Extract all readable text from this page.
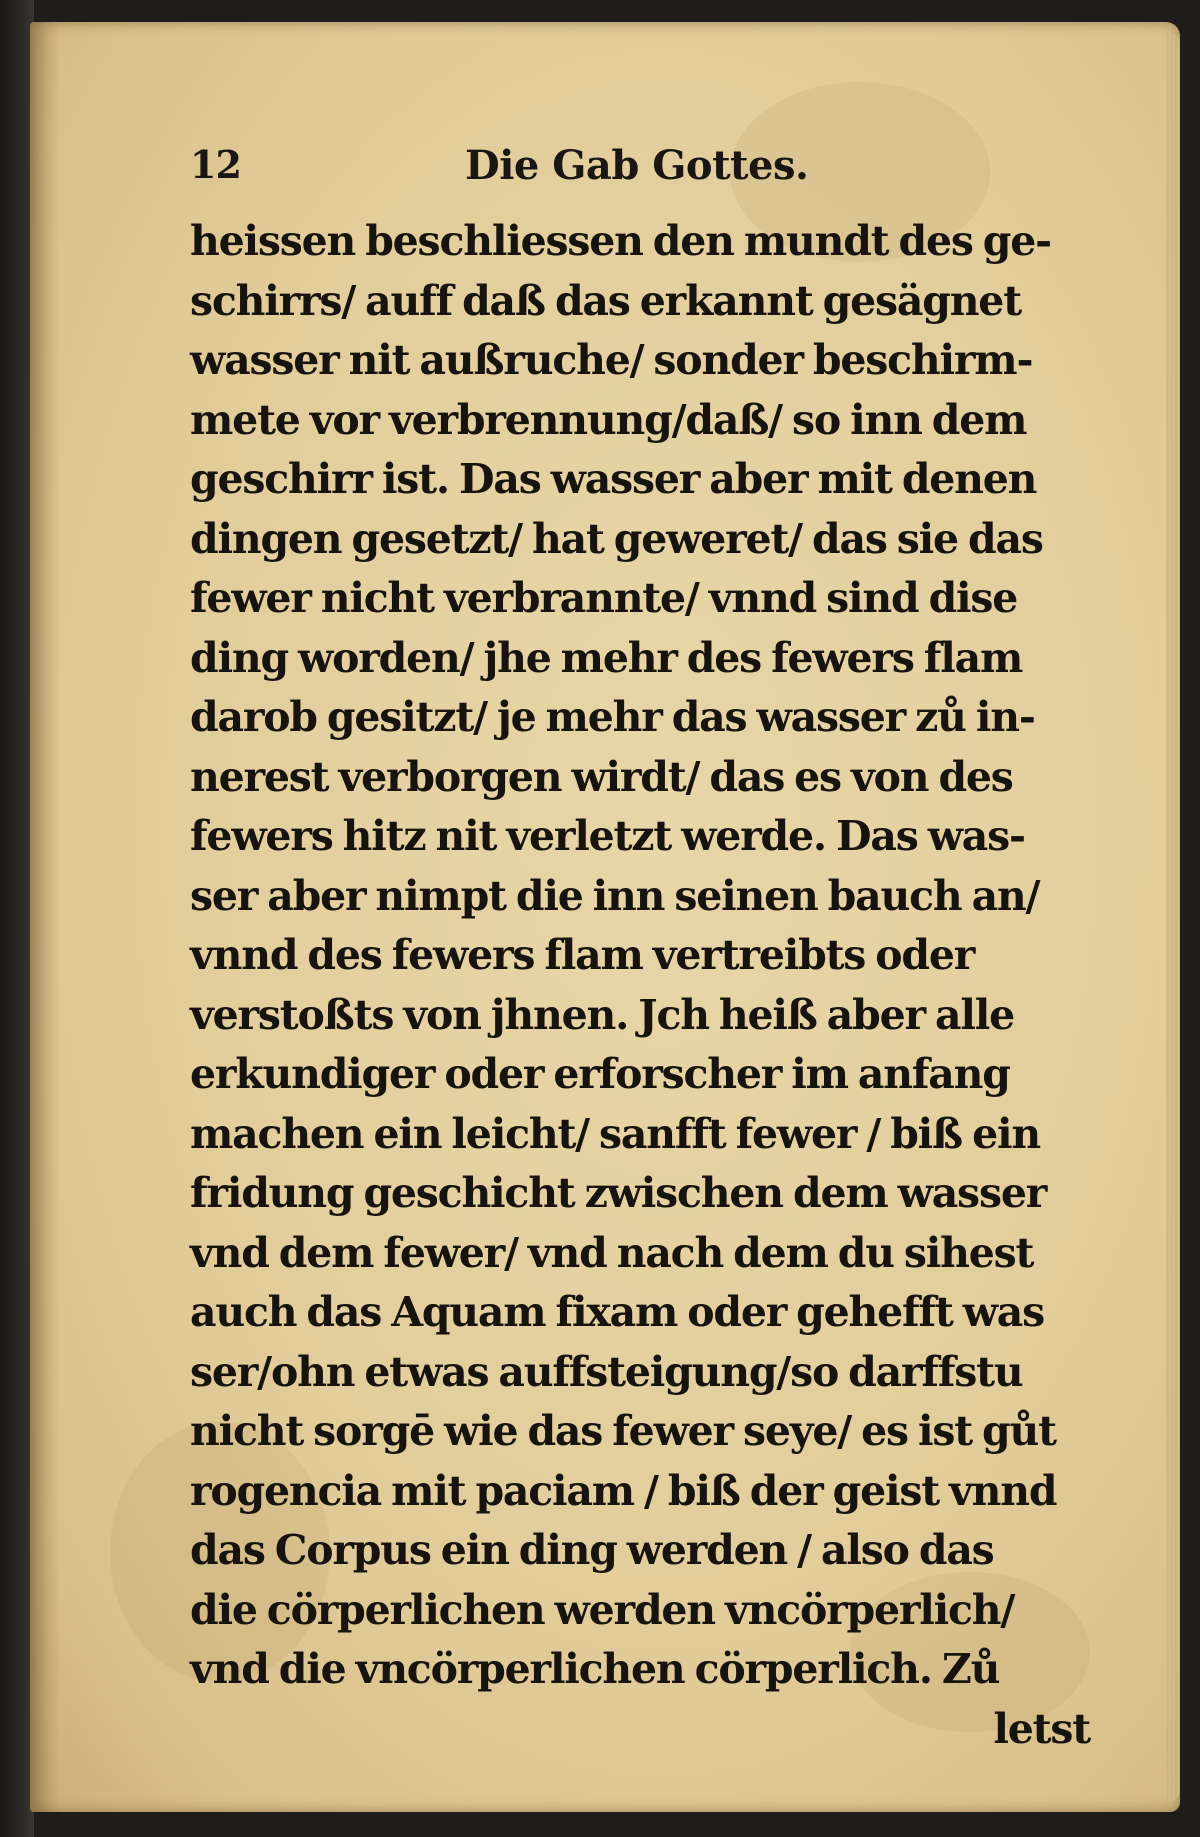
12	Die Gab Gottes.
heissen beschliessen den mundt des ge-
schirrs/ auff daß das erkannt gesägnet
wasser nit außruche/ sonder beschirm-
mete vor verbrennung/daß/ so inn dem
geschirr ist. Das wasser aber mit denen
dingen gesetzt/ hat geweret/ das sie das
fewer nicht verbrannte/ vnnd sind dise
ding worden/ jhe mehr des fewers flam
darob gesitzt/ je mehr das wasser zů in-
nerest verborgen wirdt/ das es von des
fewers hitz nit verletzt werde. Das was-
ser aber nimpt die inn seinen bauch an/
vnnd des fewers flam vertreibts oder
verstoßts von jhnen. Jch heiß aber alle
erkundiger oder erforscher im anfang
machen ein leicht/ sanfft fewer / biß ein
fridung geschicht zwischen dem wasser
vnd dem fewer/ vnd nach dem du sihest
auch das Aquam fixam oder gehefft was
ser/ohn etwas auffsteigung/so darffstu
nicht sorgē wie das fewer seye/ es ist gůt
rogencia mit paciam / biß der geist vnnd
das Corpus ein ding werden / also das
die cörperlichen werden vncörperlich/
vnd die vncörperlichen cörperlich. Zů
letst
